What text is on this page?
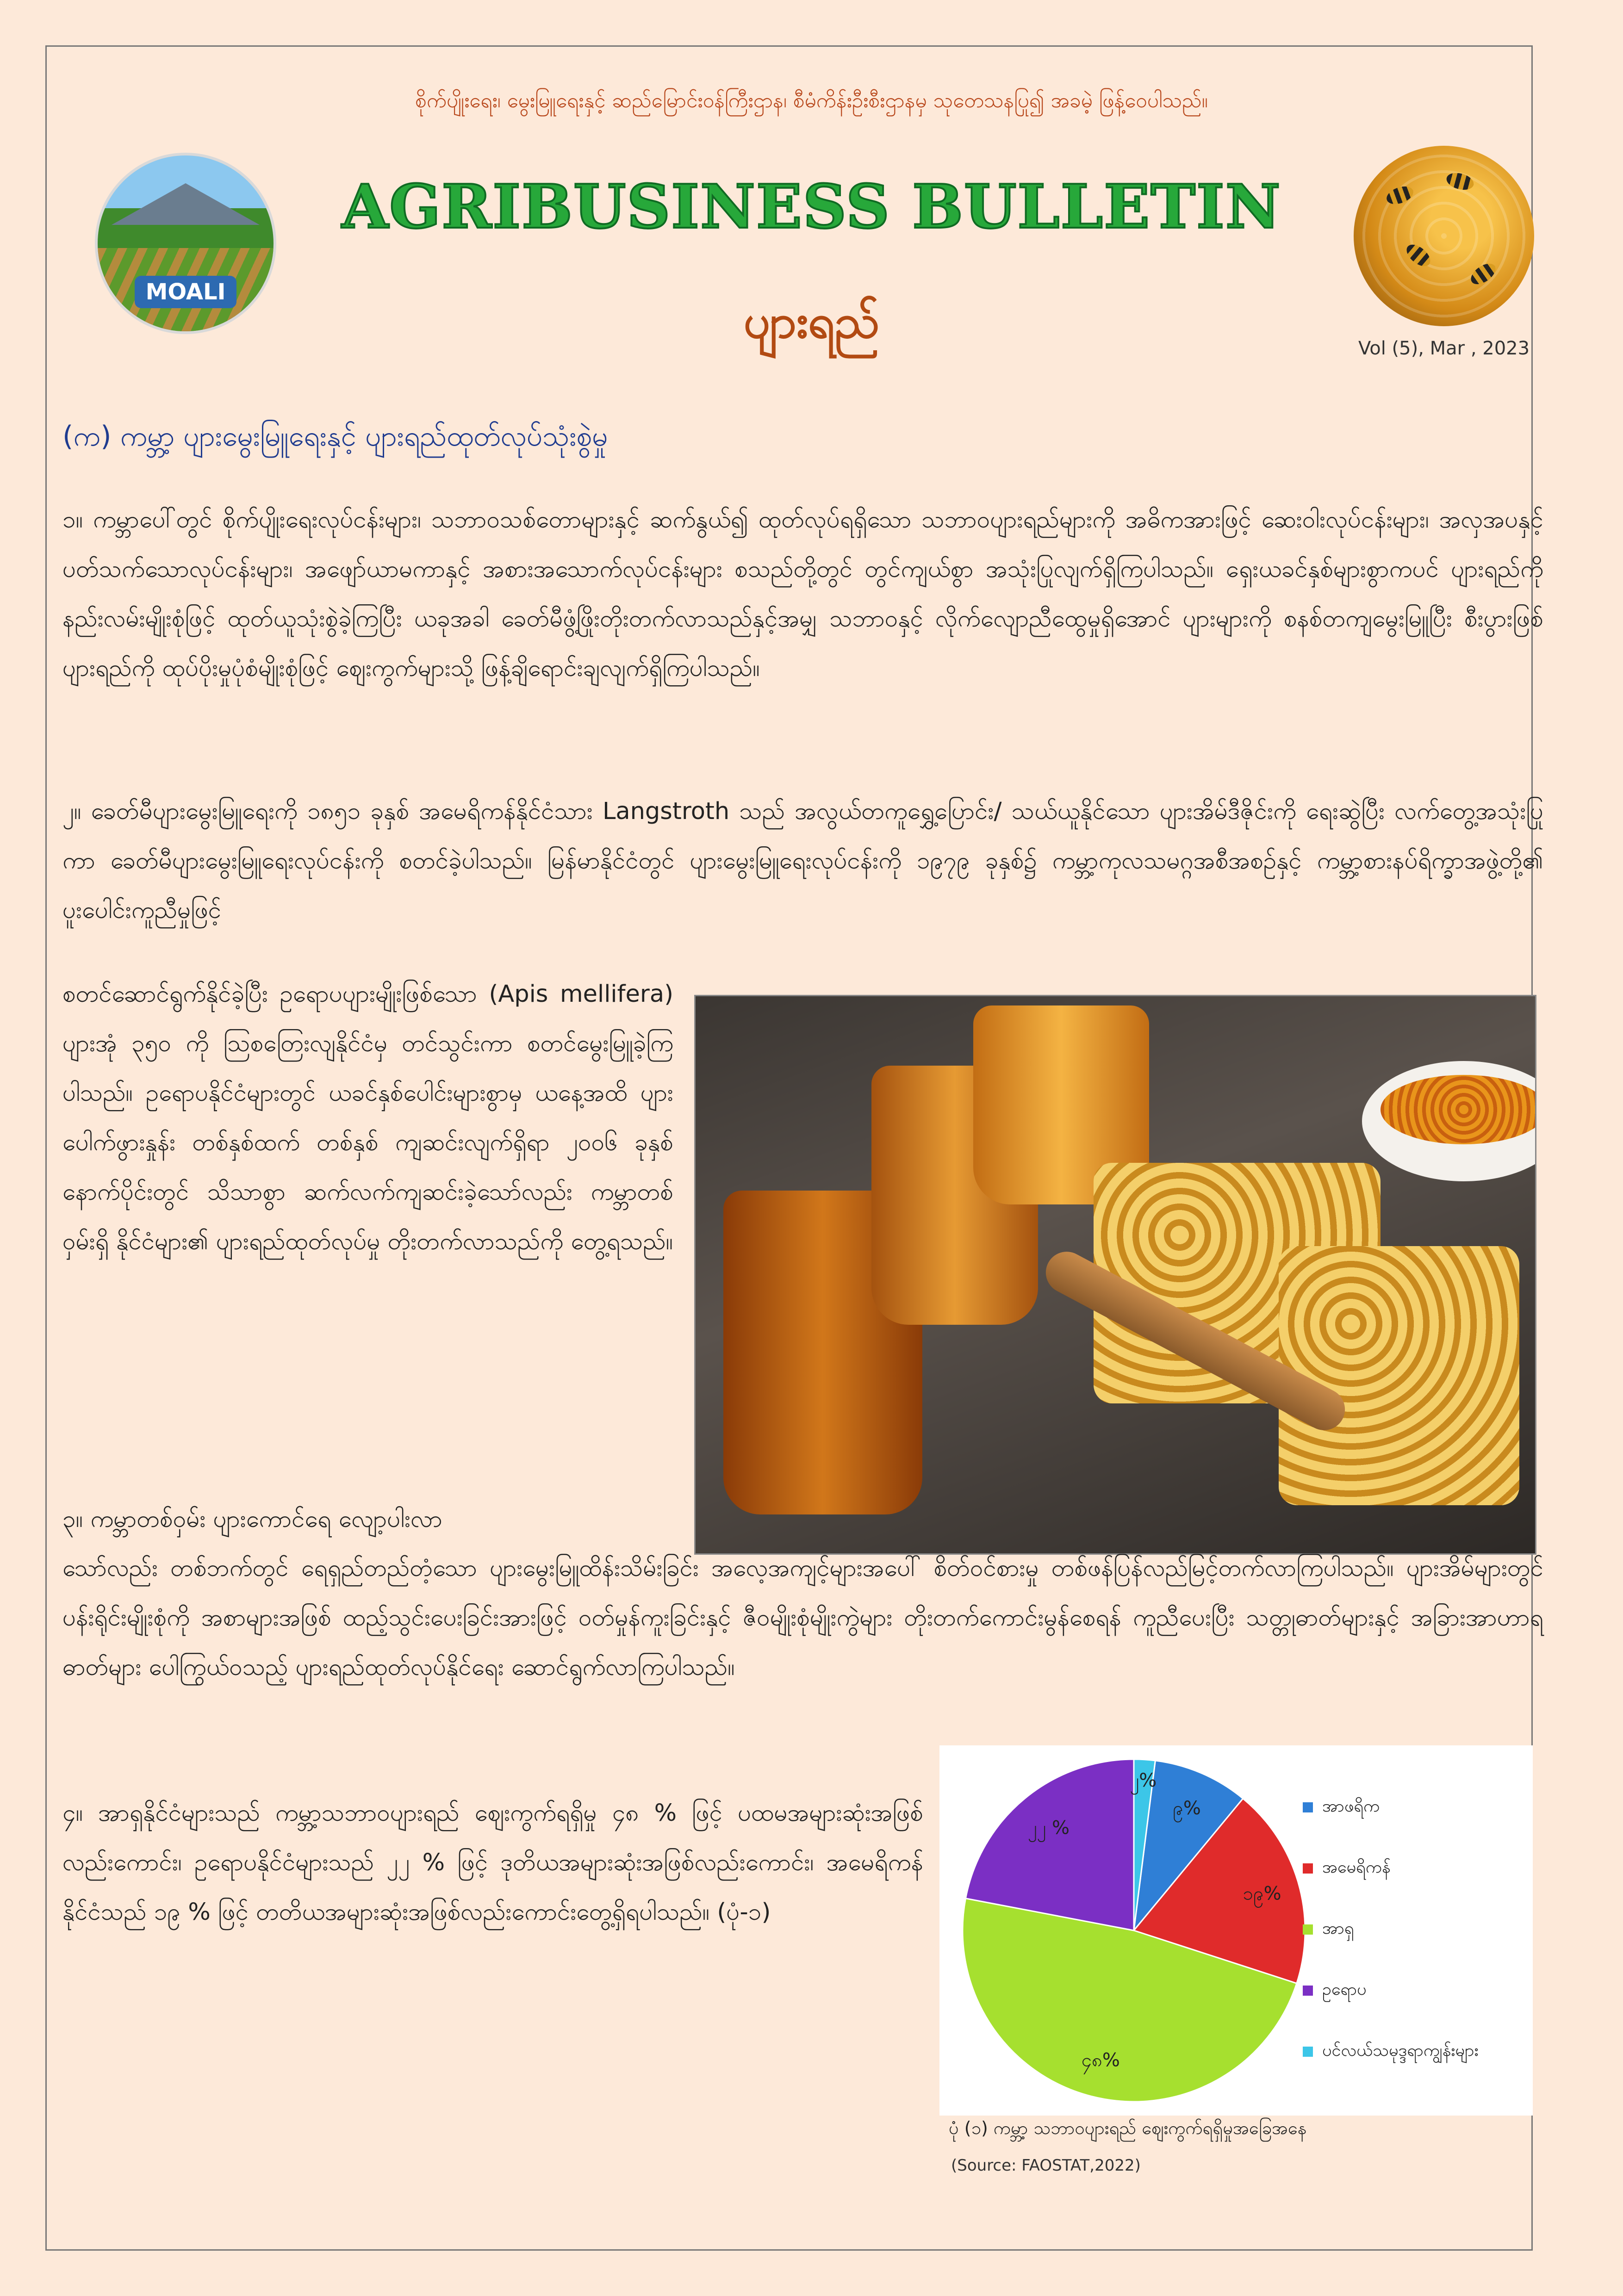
စိုက်ပျိုးရေး၊ မွေးမြူရေးနှင့် ဆည်မြောင်းဝန်ကြီးဌာန၊ စီမံကိန်းဦးစီးဌာနမှ သုတေသနပြု၍ အခမဲ့ ဖြန့်ဝေပါသည်။
MOALI
AGRIBUSINESS BULLETIN
ပျားရည်	Vol (5), Mar , 2023
(က) ကမ္ဘာ့ ပျားမွေးမြူရေးနှင့် ပျားရည်ထုတ်လုပ်သုံးစွဲမှု

၁။ ကမ္ဘာပေါ်တွင် စိုက်ပျိုးရေးလုပ်ငန်းများ၊ သဘာဝသစ်တောများနှင့် ဆက်နွယ်၍ ထုတ်လုပ်ရရှိသော သဘာဝပျားရည်များကို အဓိကအားဖြင့် ဆေးဝါးလုပ်ငန်းများ၊ အလှအပနှင့် ပတ်သက်သောလုပ်ငန်းများ၊ အဖျော်ယာမကာနှင့် အစားအသောက်လုပ်ငန်းများ စသည်တို့တွင် တွင်ကျယ်စွာ အသုံးပြုလျက်ရှိကြပါသည်။ ရှေးယခင်နှစ်များစွာကပင် ပျားရည်ကို နည်းလမ်းမျိုးစုံဖြင့် ထုတ်ယူသုံးစွဲခဲ့ကြပြီး ယခုအခါ ခေတ်မီဖွံ့ဖြိုးတိုးတက်လာသည်နှင့်အမျှ သဘာဝနှင့် လိုက်လျောညီထွေမှုရှိအောင် ပျားများကို စနစ်တကျမွေးမြူပြီး စီးပွားဖြစ်ပျားရည်ကို ထုပ်ပိုးမှုပုံစံမျိုးစုံဖြင့် ဈေးကွက်များသို့ ဖြန့်ချိရောင်းချလျက်ရှိကြပါသည်။

၂။ ခေတ်မီပျားမွေးမြူရေးကို ၁၈၅၁ ခုနှစ် အမေရိကန်နိုင်ငံသား Langstroth သည် အလွယ်တကူရွှေ့ပြောင်း/ သယ်ယူနိုင်သော ပျားအိမ်ဒီဇိုင်းကို ရေးဆွဲပြီး လက်တွေ့အသုံးပြုကာ ခေတ်မီပျားမွေးမြူရေးလုပ်ငန်းကို စတင်ခဲ့ပါသည်။ မြန်မာနိုင်ငံတွင် ပျားမွေးမြူရေးလုပ်ငန်းကို ၁၉၇၉ ခုနှစ်၌ ကမ္ဘာ့ကုလသမဂ္ဂအစီအစဉ်နှင့် ကမ္ဘာ့စားနပ်ရိက္ခာအဖွဲ့တို့၏ ပူးပေါင်းကူညီမှုဖြင့်

စတင်ဆောင်ရွက်နိုင်ခဲ့ပြီး ဥရောပပျားမျိုးဖြစ်သော (Apis mellifera) ပျားအုံ ၃၅၀ ကို ဩစတြေးလျနိုင်ငံမှ တင်သွင်းကာ စတင်မွေးမြူခဲ့ကြပါသည်။ ဥရောပနိုင်ငံများတွင် ယခင်နှစ်ပေါင်းများစွာမှ ယနေ့အထိ ပျားပေါက်ဖွားနှုန်း တစ်နှစ်ထက် တစ်နှစ် ကျဆင်းလျက်ရှိရာ ၂၀၀၆ ခုနှစ် နောက်ပိုင်းတွင် သိသာစွာ ဆက်လက်ကျဆင်းခဲ့သော်လည်း ကမ္ဘာတစ်ဝှမ်းရှိ နိုင်ငံများ၏ ပျားရည်ထုတ်လုပ်မှု တိုးတက်လာသည်ကို တွေ့ရသည်။

၃။ ကမ္ဘာတစ်ဝှမ်း ပျားကောင်ရေ လျော့ပါးလာ

သော်လည်း တစ်ဘက်တွင် ရေရှည်တည်တံ့သော ပျားမွေးမြူထိန်းသိမ်းခြင်း အလေ့အကျင့်များအပေါ် စိတ်ဝင်စားမှု တစ်ဖန်ပြန်လည်မြင့်တက်လာကြပါသည်။ ပျားအိမ်များတွင် ပန်းရိုင်းမျိုးစုံကို အစာများအဖြစ် ထည့်သွင်းပေးခြင်းအားဖြင့် ဝတ်မှုန်ကူးခြင်းနှင့် ဇီဝမျိုးစုံမျိုးကွဲများ တိုးတက်ကောင်းမွန်စေရန် ကူညီပေးပြီး သတ္တုဓာတ်များနှင့် အခြားအာဟာရဓာတ်များ ပေါကြွယ်ဝသည့် ပျားရည်ထုတ်လုပ်နိုင်ရေး ဆောင်ရွက်လာကြပါသည်။

၄။ အာရှနိုင်ငံများသည် ကမ္ဘာ့သဘာဝပျားရည် ဈေးကွက်ရရှိမှု ၄၈ % ဖြင့် ပထမအများဆုံးအဖြစ်လည်းကောင်း၊ ဥရောပနိုင်ငံများသည် ၂၂ % ဖြင့် ဒုတိယအများဆုံးအဖြစ်လည်းကောင်း၊ အမေရိကန်နိုင်ငံသည် ၁၉ % ဖြင့် တတိယအများဆုံးအဖြစ်လည်းကောင်းတွေ့ရှိရပါသည်။ (ပုံ-၁)

၉%
၁၉%
၄၈%
၂၂ %
၂%
အာဖရိက
အမေရိကန်
အာရှ
ဥရောပ
ပင်လယ်သမုဒ္ဒရာကျွန်းများ
ပုံ (၁) ကမ္ဘာ့ သဘာဝပျားရည် ဈေးကွက်ရရှိမှုအခြေအနေ
(Source: FAOSTAT,2022)
